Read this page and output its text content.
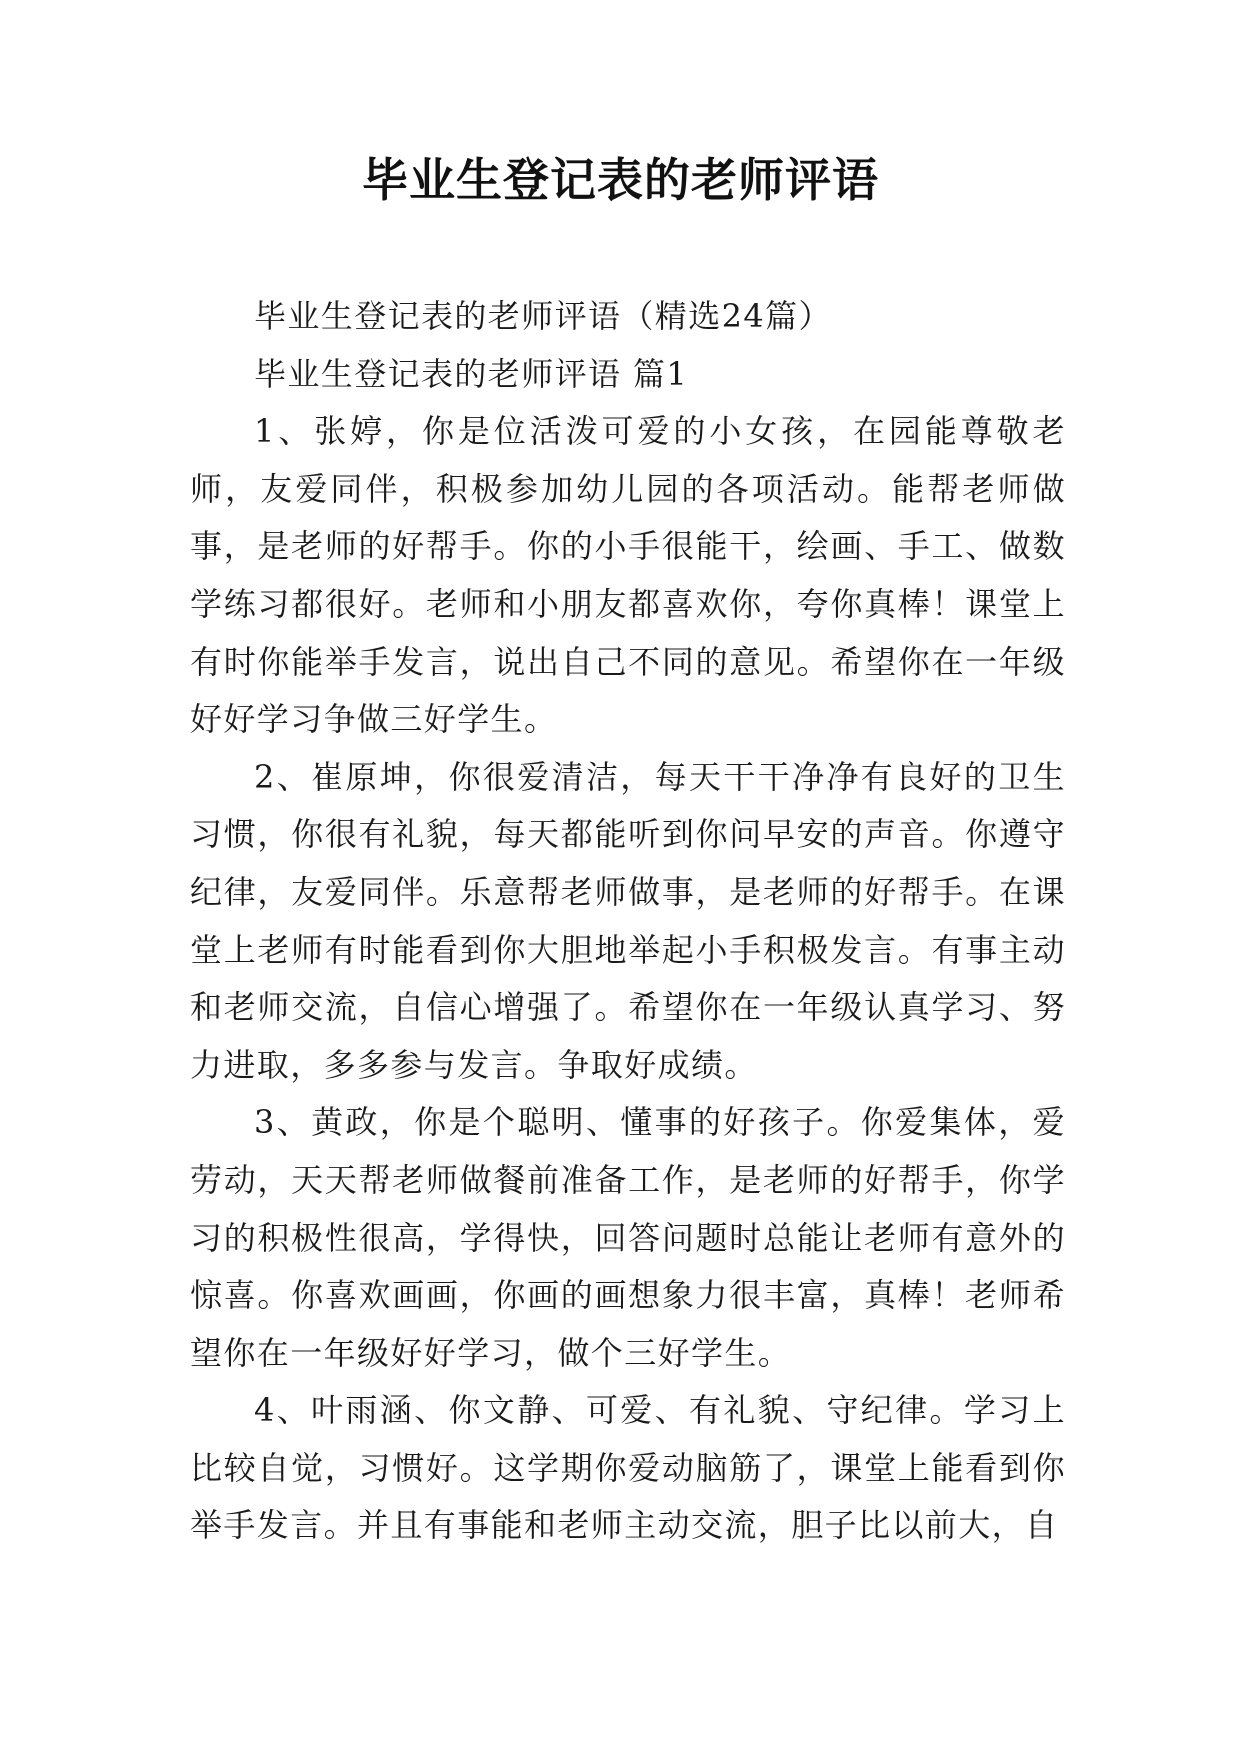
毕业生登记表的老师评语

毕业生登记表的老师评语（精选24篇）

毕业生登记表的老师评语 篇1

1、张婷，你是位活泼可爱的小女孩，在园能尊敬老师，友爱同伴，积极参加幼儿园的各项活动。能帮老师做事，是老师的好帮手。你的小手很能干，绘画、手工、做数学练习都很好。老师和小朋友都喜欢你，夸你真棒！课堂上有时你能举手发言，说出自己不同的意见。希望你在一年级好好学习争做三好学生。

2、崔原坤，你很爱清洁，每天干干净净有良好的卫生习惯，你很有礼貌，每天都能听到你问早安的声音。你遵守纪律，友爱同伴。乐意帮老师做事，是老师的好帮手。在课堂上老师有时能看到你大胆地举起小手积极发言。有事主动和老师交流，自信心增强了。希望你在一年级认真学习、努力进取，多多参与发言。争取好成绩。

3、黄政，你是个聪明、懂事的好孩子。你爱集体，爱劳动，天天帮老师做餐前准备工作，是老师的好帮手，你学习的积极性很高，学得快，回答问题时总能让老师有意外的惊喜。你喜欢画画，你画的画想象力很丰富，真棒！老师希望你在一年级好好学习，做个三好学生。

4、叶雨涵、你文静、可爱、有礼貌、守纪律。学习上比较自觉，习惯好。这学期你爱动脑筋了，课堂上能看到你举手发言。并且有事能和老师主动交流，胆子比以前大，自
